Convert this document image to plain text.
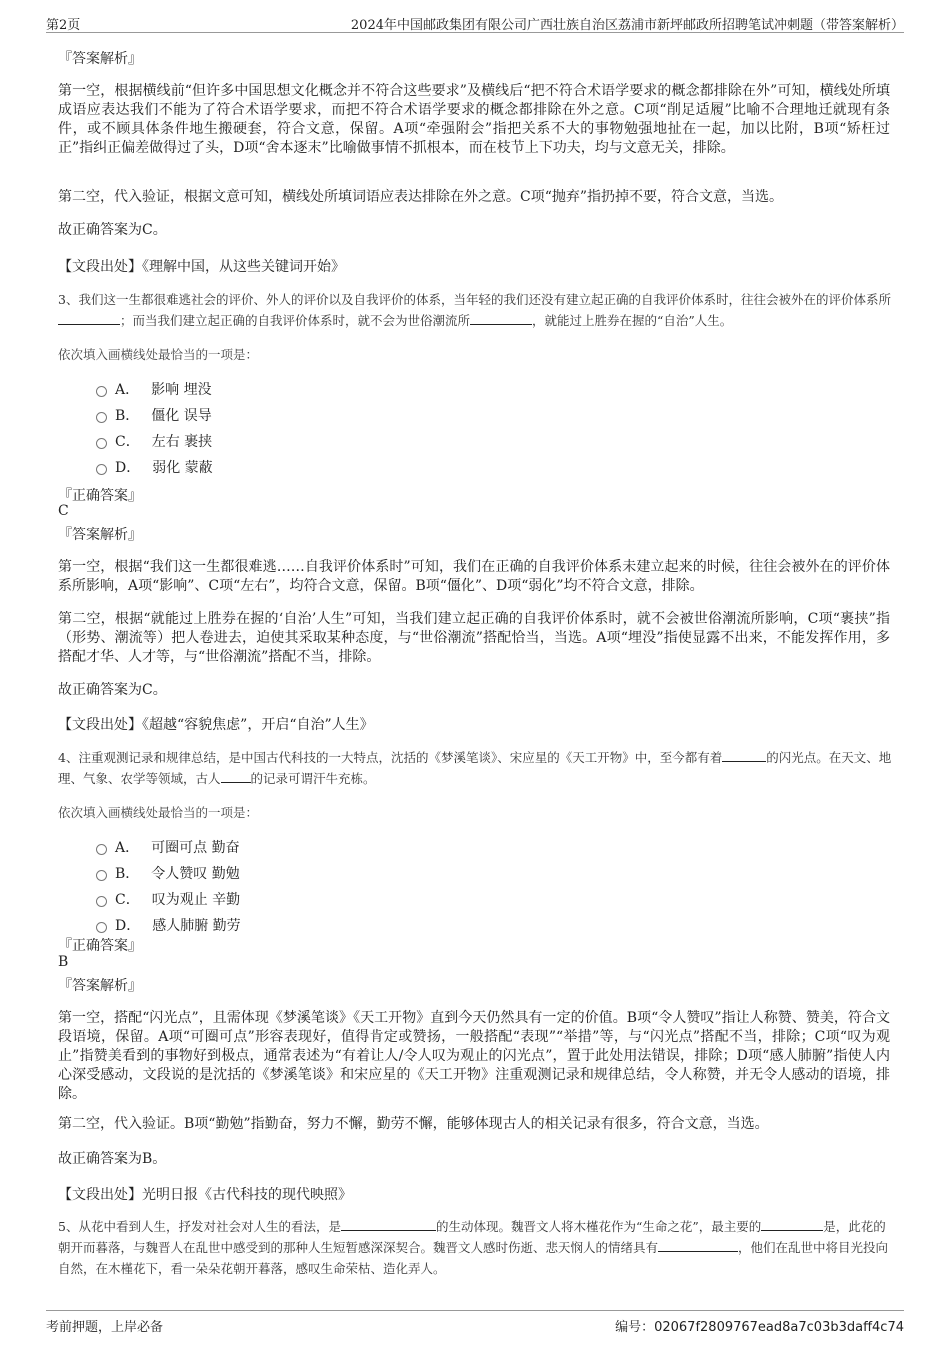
第2页	2024年中国邮政集团有限公司广西壮族自治区荔浦市新坪邮政所招聘笔试冲刺题（带答案解析）
『答案解析』
第一空，根据横线前“但许多中国思想文化概念并不符合这些要求”及横线后“把不符合术语学要求的概念都排除在外”可知，横线处所填成语应表达我们不能为了符合术语学要求，而把不符合术语学要求的概念都排除在外之意。C项“削足适履”比喻不合理地迁就现有条件，或不顾具体条件地生搬硬套，符合文意，保留。A项“牵强附会”指把关系不大的事物勉强地扯在一起，加以比附，B项“矫枉过正”指纠正偏差做得过了头，D项“舍本逐末”比喻做事情不抓根本，而在枝节上下功夫，均与文意无关，排除。
第二空，代入验证，根据文意可知，横线处所填词语应表达排除在外之意。C项“抛弃”指扔掉不要，符合文意，当选。
故正确答案为C。
【文段出处】《理解中国，从这些关键词开始》
3、我们这一生都很难逃社会的评价、外人的评价以及自我评价的体系，当年轻的我们还没有建立起正确的自我评价体系时，往往会被外在的评价体系所；而当我们建立起正确的自我评价体系时，就不会为世俗潮流所	，就能过上胜券在握的“自治”人生。
依次填入画横线处最恰当的一项是：
A． 影响 埋没
B． 僵化 误导
C． 左右 裹挟
D． 弱化 蒙蔽
『正确答案』
C
『答案解析』
第一空，根据“我们这一生都很难逃……自我评价体系时”可知，我们在正确的自我评价体系未建立起来的时候，往往会被外在的评价体系所影响，A项“影响”、C项“左右”，均符合文意，保留。B项“僵化”、D项“弱化”均不符合文意，排除。
第二空，根据“就能过上胜券在握的‘自治’人生”可知，当我们建立起正确的自我评价体系时，就不会被世俗潮流所影响，C项“裹挟”指（形势、潮流等）把人卷进去，迫使其采取某种态度，与“世俗潮流”搭配恰当，当选。A项“埋没”指使显露不出来，不能发挥作用，多搭配才华、人才等，与“世俗潮流”搭配不当，排除。
故正确答案为C。
【文段出处】《超越“容貌焦虑”，开启“自治”人生》
4、注重观测记录和规律总结，是中国古代科技的一大特点，沈括的《梦溪笔谈》、宋应星的《天工开物》中，至今都有着	的闪光点。在天文、地理、气象、农学等领域，古人 的记录可谓汗牛充栋。
依次填入画横线处最恰当的一项是：
A． 可圈可点 勤奋
B． 令人赞叹 勤勉
C． 叹为观止 辛勤
D． 感人肺腑 勤劳
『正确答案』
B
『答案解析』
第一空，搭配“闪光点”，且需体现《梦溪笔谈》《天工开物》直到今天仍然具有一定的价值。B项“令人赞叹”指让人称赞、赞美，符合文段语境，保留。A项“可圈可点”形容表现好，值得肯定或赞扬，一般搭配“表现”“举措”等，与“闪光点”搭配不当，排除；C项“叹为观止”指赞美看到的事物好到极点，通常表述为“有着让人/令人叹为观止的闪光点”，置于此处用法错误，排除；D项“感人肺腑”指使人内心深受感动，文段说的是沈括的《梦溪笔谈》和宋应星的《天工开物》注重观测记录和规律总结，令人称赞，并无令人感动的语境，排除。
第二空，代入验证。B项“勤勉”指勤奋，努力不懈，勤劳不懈，能够体现古人的相关记录有很多，符合文意，当选。
故正确答案为B。
【文段出处】光明日报《古代科技的现代映照》
5、从花中看到人生，抒发对社会对人生的看法，是	的生动体现。魏晋文人将木槿花作为“生命之花”，最主要的	是，此花的朝开而暮落，与魏晋人在乱世中感受到的那种人生短暂感深深契合。魏晋文人感时伤逝、悲天悯人的情绪具有	，他们在乱世中将目光投向自然，在木槿花下，看一朵朵花朝开暮落，感叹生命荣枯、造化弄人。
考前押题，上岸必备	编号：02067f2809767ead8a7c03b3daff4c74
